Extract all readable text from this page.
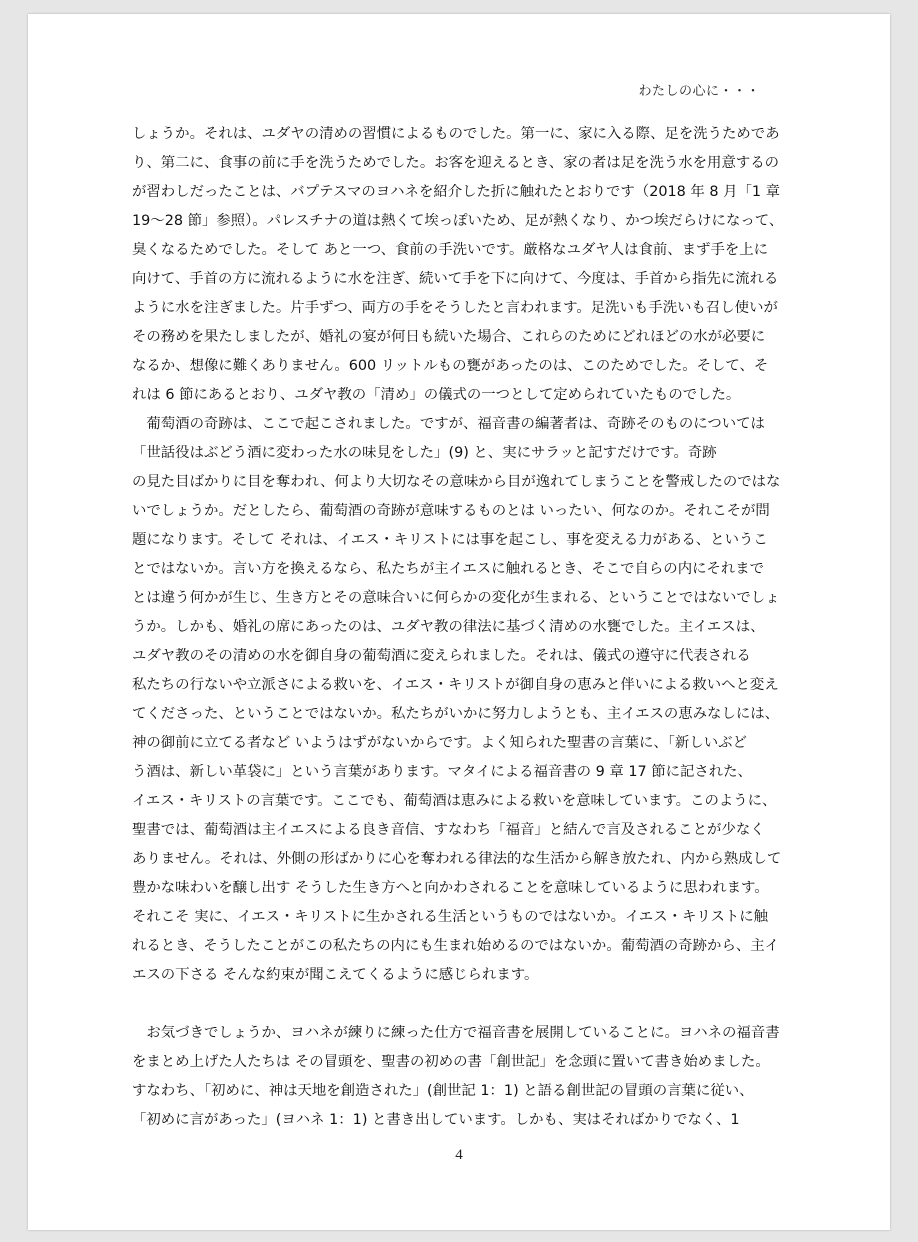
わたしの心に・・・
しょうか。それは、ユダヤの清めの習慣によるものでした。第一に、家に入る際、足を洗うためであ
り、第二に、食事の前に手を洗うためでした。お客を迎えるとき、家の者は足を洗う水を用意するの
が習わしだったことは、バプテスマのヨハネを紹介した折に触れたとおりです（2018 年 8 月「1 章
19～28 節」参照）。パレスチナの道は熱くて埃っぽいため、足が熱くなり、かつ埃だらけになって、
臭くなるためでした。そして あと一つ、食前の手洗いです。厳格なユダヤ人は食前、まず手を上に
向けて、手首の方に流れるように水を注ぎ、続いて手を下に向けて、今度は、手首から指先に流れる
ように水を注ぎました。片手ずつ、両方の手をそうしたと言われます。足洗いも手洗いも召し使いが
その務めを果たしましたが、婚礼の宴が何日も続いた場合、これらのためにどれほどの水が必要に
なるか、想像に難くありません。600 リットルもの甕があったのは、このためでした。そして、そ
れは 6 節にあるとおり、ユダヤ教の「清め」の儀式の一つとして定められていたものでした。
　葡萄酒の奇跡は、ここで起こされました。ですが、福音書の編著者は、奇跡そのものについては
「世話役はぶどう酒に変わった水の味見をした」(9) と、実にサラッと記すだけです。奇跡
の見た目ばかりに目を奪われ、何より大切なその意味から目が逸れてしまうことを警戒したのではな
いでしょうか。だとしたら、葡萄酒の奇跡が意味するものとは いったい、何なのか。それこそが問
題になります。そして それは、イエス・キリストには事を起こし、事を変える力がある、というこ
とではないか。言い方を換えるなら、私たちが主イエスに触れるとき、そこで自らの内にそれまで
とは違う何かが生じ、生き方とその意味合いに何らかの変化が生まれる、ということではないでしょ
うか。しかも、婚礼の席にあったのは、ユダヤ教の律法に基づく清めの水甕でした。主イエスは、
ユダヤ教のその清めの水を御自身の葡萄酒に変えられました。それは、儀式の遵守に代表される
私たちの行ないや立派さによる救いを、イエス・キリストが御自身の恵みと伴いによる救いへと変え
てくださった、ということではないか。私たちがいかに努力しようとも、主イエスの恵みなしには、
神の御前に立てる者など いようはずがないからです。よく知られた聖書の言葉に、「新しいぶど
う酒は、新しい革袋に」という言葉があります。マタイによる福音書の 9 章 17 節に記された、
イエス・キリストの言葉です。ここでも、葡萄酒は恵みによる救いを意味しています。このように、
聖書では、葡萄酒は主イエスによる良き音信、すなわち「福音」と結んで言及されることが少なく
ありません。それは、外側の形ばかりに心を奪われる律法的な生活から解き放たれ、内から熟成して
豊かな味わいを醸し出す そうした生き方へと向かわされることを意味しているように思われます。
それこそ 実に、イエス・キリストに生かされる生活というものではないか。イエス・キリストに触
れるとき、そうしたことがこの私たちの内にも生まれ始めるのではないか。葡萄酒の奇跡から、主イ
エスの下さる そんな約束が聞こえてくるように感じられます。
　お気づきでしょうか、ヨハネが練りに練った仕方で福音書を展開していることに。ヨハネの福音書
をまとめ上げた人たちは その冒頭を、聖書の初めの書「創世記」を念頭に置いて書き始めました。
すなわち、「初めに、神は天地を創造された」(創世記 1：1) と語る創世記の冒頭の言葉に従い、
「初めに言があった」(ヨハネ 1：1) と書き出しています。しかも、実はそればかりでなく、1
4
